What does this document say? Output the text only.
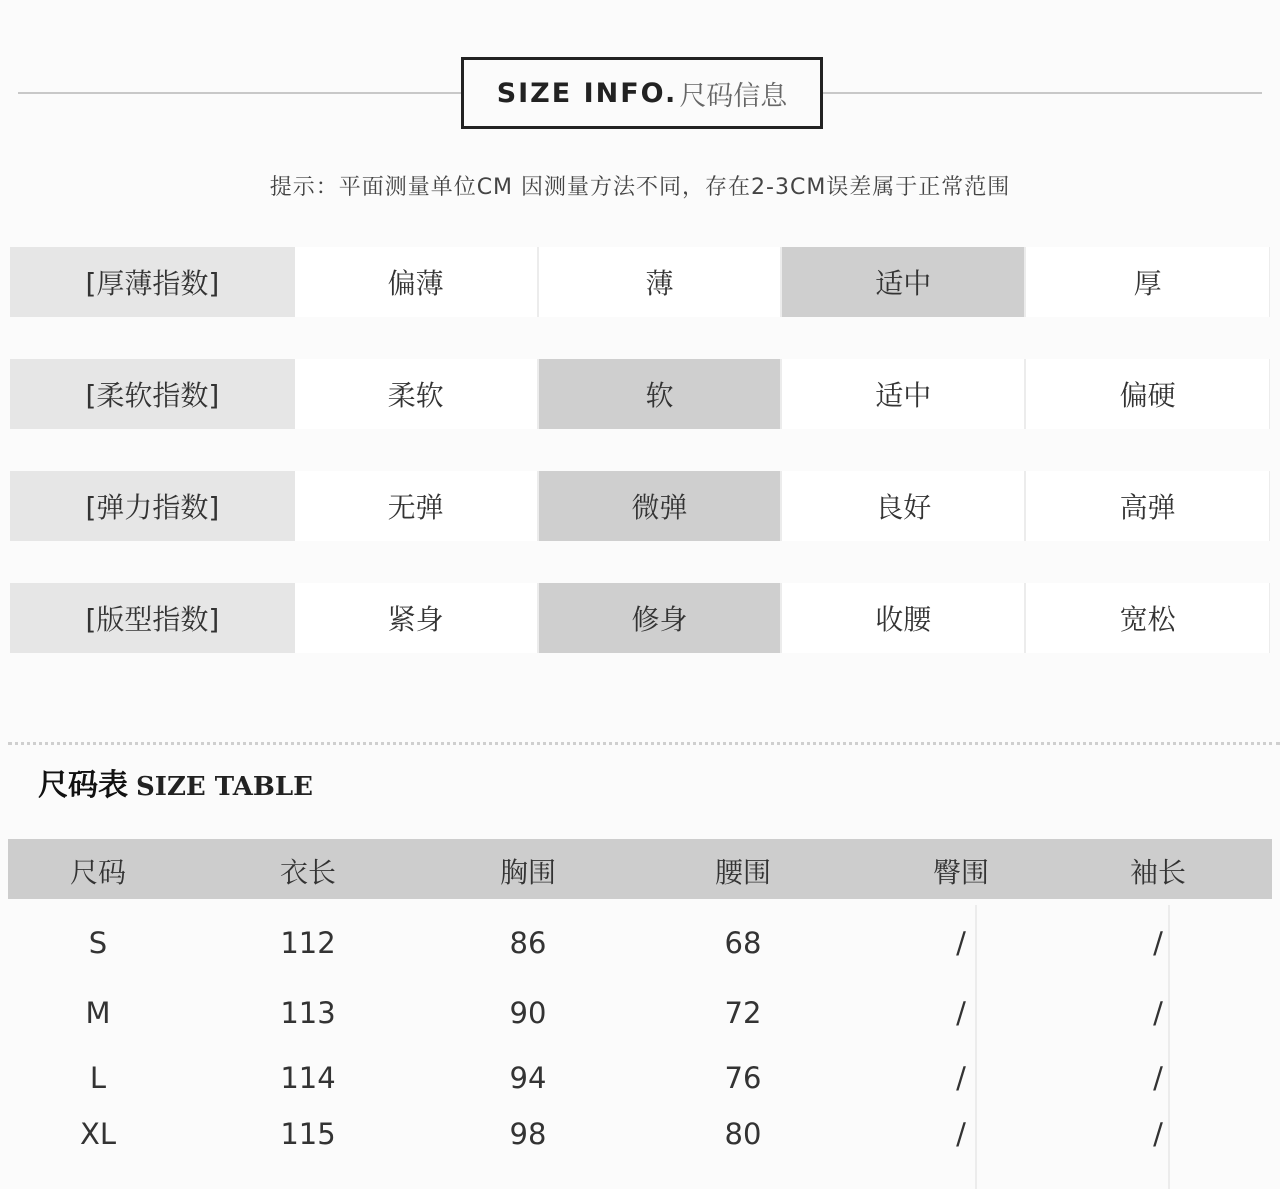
SIZE INFO. 尺码信息
提示：平面测量单位CM 因测量方法不同，存在2-3CM误差属于正常范围
[厚薄指数]	偏薄	薄	适中	厚
[柔软指数]	柔软	软	适中	偏硬
[弹力指数]	无弹	微弹	良好	高弹
[版型指数]	紧身	修身	收腰	宽松
尺码表 SIZE TABLE
尺码	衣长	胸围	腰围	臀围	袖长
S	112	86	68	/	/
M	113	90	72	/	/
L	114	94	76	/	/
XL	115	98	80	/	/
